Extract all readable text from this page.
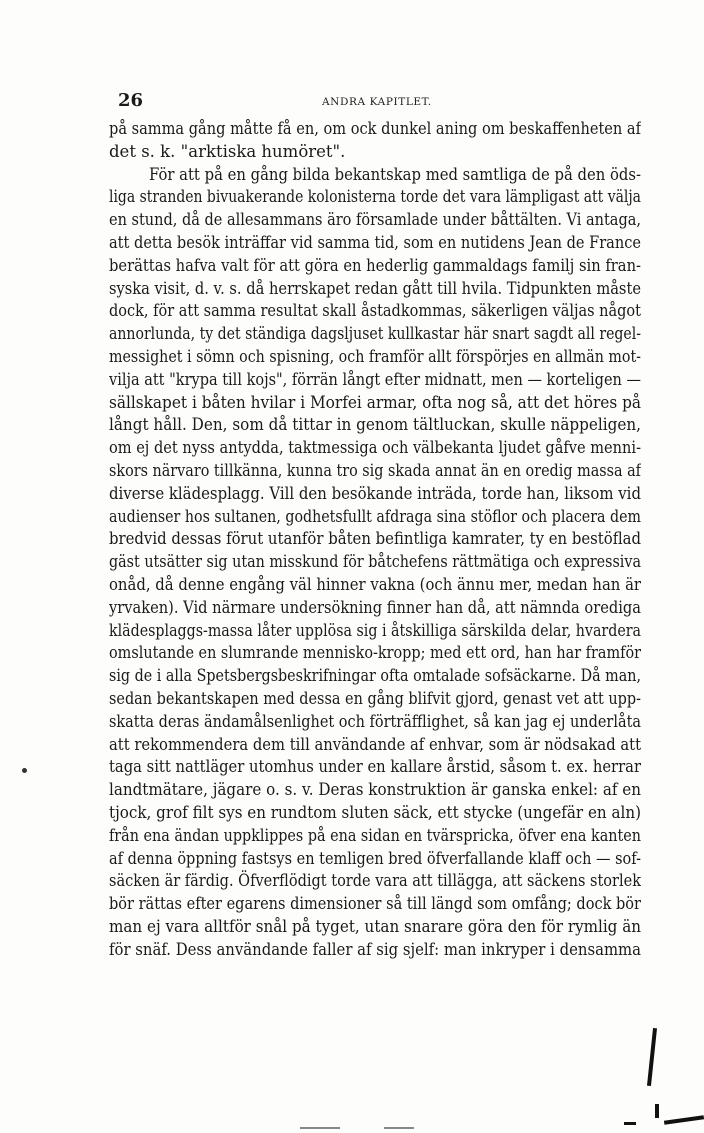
26	ANDRA KAPITLET.
på samma gång måtte få en, om ock dunkel aning om beskaffenheten af
det s. k. "arktiska humöret".
För att på en gång bilda bekantskap med samtliga de på den öds-
liga stranden bivuakerande kolonisterna torde det vara lämpligast att välja
en stund, då de allesammans äro församlade under båttälten. Vi antaga,
att detta besök inträffar vid samma tid, som en nutidens Jean de France
berättas hafva valt för att göra en hederlig gammaldags familj sin fran-
syska visit, d. v. s. då herrskapet redan gått till hvila. Tidpunkten måste
dock, för att samma resultat skall åstadkommas, säkerligen väljas något
annorlunda, ty det ständiga dagsljuset kullkastar här snart sagdt all regel-
messighet i sömn och spisning, och framför allt förspörjes en allmän mot-
vilja att "krypa till kojs", förrän långt efter midnatt, men — korteligen —
sällskapet i båten hvilar i Morfei armar, ofta nog så, att det höres på
långt håll. Den, som då tittar in genom tältluckan, skulle näppeligen,
om ej det nyss antydda, taktmessiga och välbekanta ljudet gåfve menni-
skors närvaro tillkänna, kunna tro sig skada annat än en oredig massa af
diverse klädesplagg. Vill den besökande inträda, torde han, liksom vid
audienser hos sultanen, godhetsfullt afdraga sina stöflor och placera dem
bredvid dessas förut utanför båten befintliga kamrater, ty en bestöflad
gäst utsätter sig utan misskund för båtchefens rättmätiga och expressiva
onåd, då denne engång väl hinner vakna (och ännu mer, medan han är
yrvaken). Vid närmare undersökning finner han då, att nämnda oredigа
klädesplaggs-massa låter upplösa sig i åtskilliga särskilda delar, hvardera
omslutande en slumrande mennisko-kropp; med ett ord, han har framför
sig de i alla Spetsbergsbeskrifningar ofta omtalade sofsäckarne. Då man,
sedan bekantskapen med dessa en gång blifvit gjord, genast vet att upp-
skatta deras ändamålsenlighet och förträfflighet, så kan jag ej underlåta
att rekommendera dem till användande af enhvar, som är nödsakad att
taga sitt nattläger utomhus under en kallare årstid, såsom t. ex. herrar
landtmätare, jägare o. s. v. Deras konstruktion är ganska enkel: af en
tjock, grof filt sys en rundtom sluten säck, ett stycke (ungefär en aln)
från ena ändan uppklippes på ena sidan en tvärspricka, öfver ena kanten
af denna öppning fastsys en temligen bred öfverfallande klaff och — sof-
säcken är färdig. Öfverflödigt torde vara att tillägga, att säckens storlek
bör rättas efter egarens dimensioner så till längd som omfång; dock bör
man ej vara alltför snål på tyget, utan snarare göra den för rymlig än
för snäf. Dess användande faller af sig sjelf: man inkryper i densamma
